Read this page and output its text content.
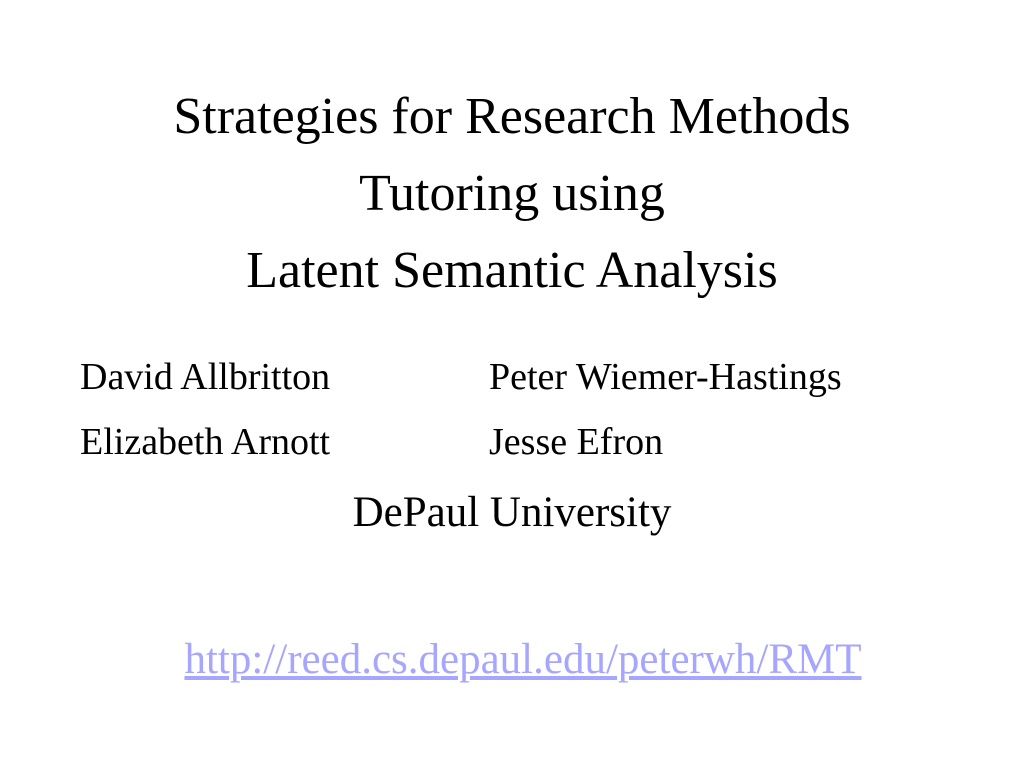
Strategies for Research Methods
Tutoring using
Latent Semantic Analysis
David Allbritton	Peter Wiemer-Hastings
Elizabeth Arnott	Jesse Efron
DePaul University
http://reed.cs.depaul.edu/peterwh/RMT
